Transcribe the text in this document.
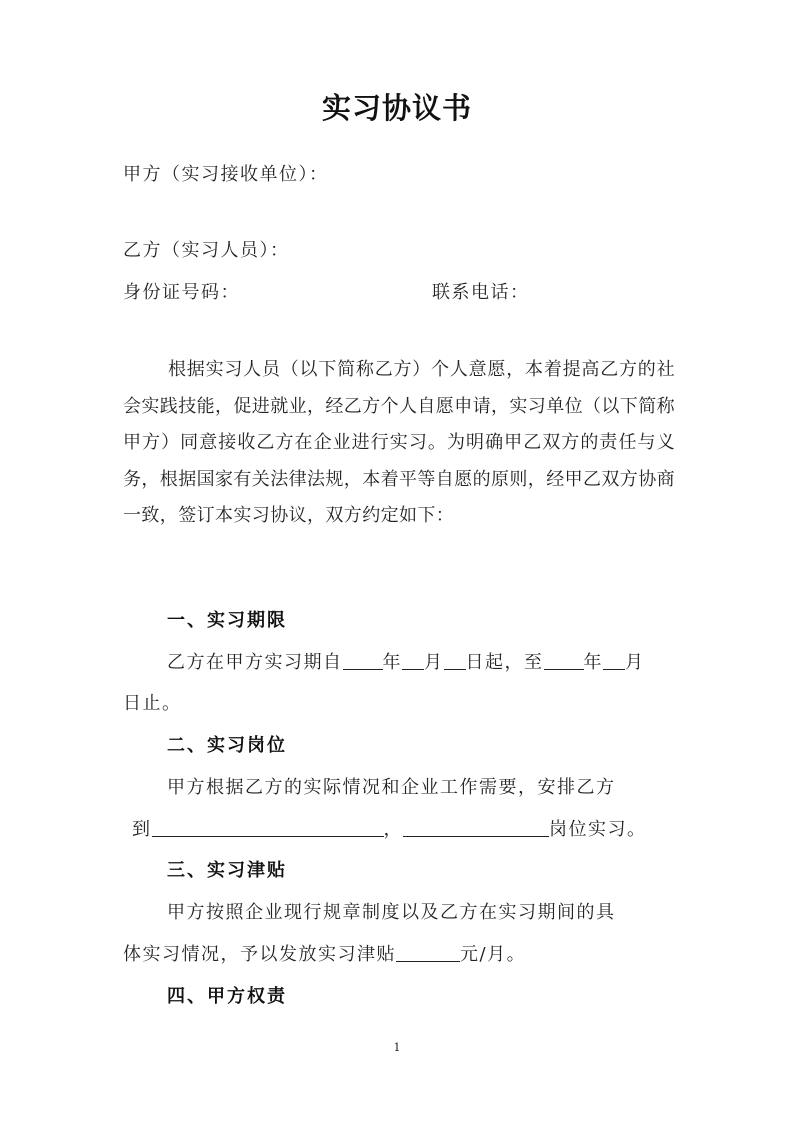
实习协议书
甲方（实习接收单位）：
乙方（实习人员）：
身份证号码：	联系电话：
根据实习人员（以下简称乙方）个人意愿，本着提高乙方的社会实践技能，促进就业，经乙方个人自愿申请，实习单位（以下简称甲方）同意接收乙方在企业进行实习。为明确甲乙双方的责任与义务，根据国家有关法律法规，本着平等自愿的原则，经甲乙双方协商一致，签订本实习协议，双方约定如下：
一、实习期限
乙方在甲方实习期自 年 月 日起，至 年 月
日止。
二、实习岗位
甲方根据乙方的实际情况和企业工作需要，安排乙方
到	，	岗位实习。
三、实习津贴
甲方按照企业现行规章制度以及乙方在实习期间的具
体实习情况，予以发放实习津贴	元/月。
四、甲方权责
1
